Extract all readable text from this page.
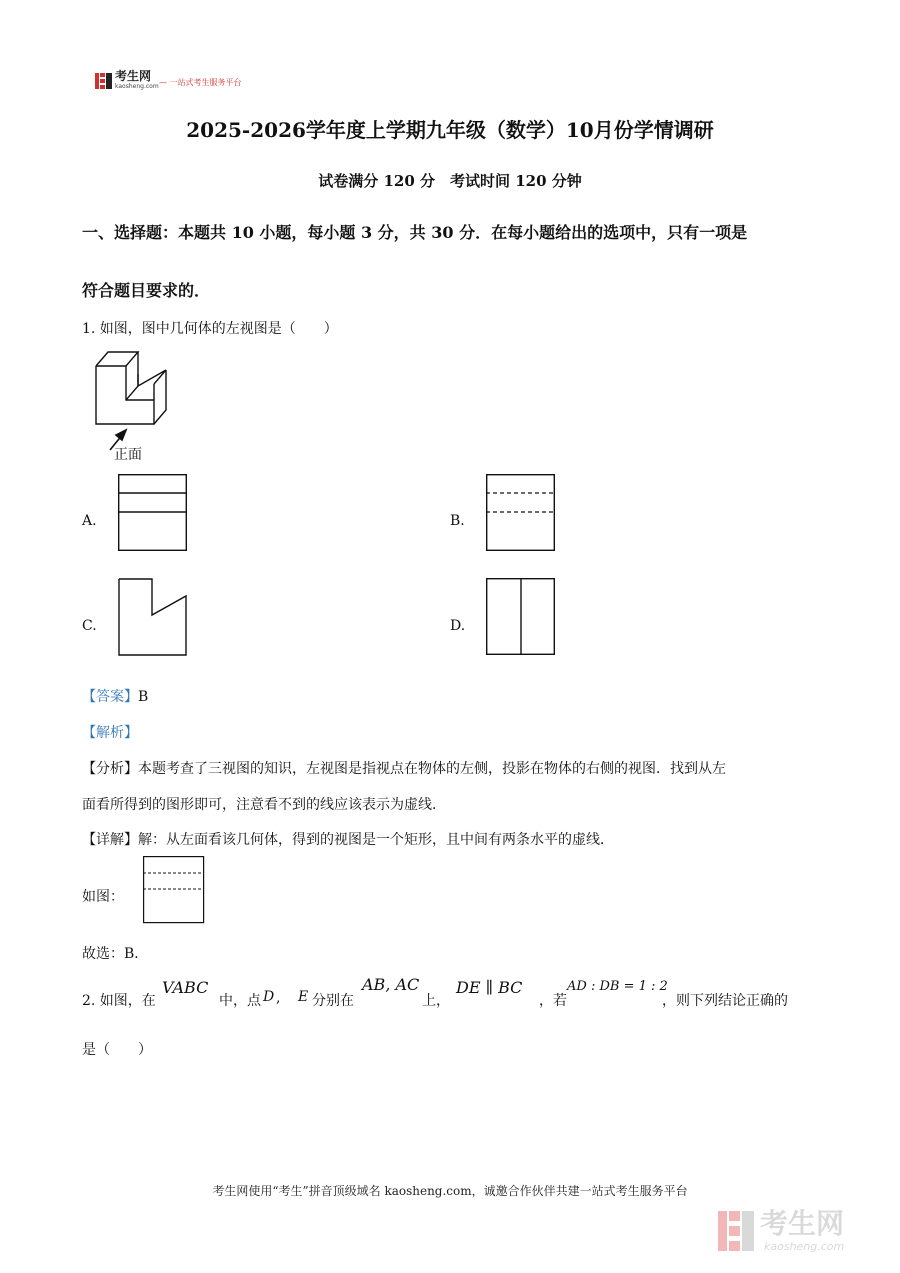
考生网
kaosheng.com — 一站式考生服务平台
2025-2026学年度上学期九年级（数学）10月份学情调研
试卷满分 120 分　考试时间 120 分钟
一、选择题：本题共 10 小题，每小题 3 分，共 30 分．在每小题给出的选项中，只有一项是
符合题目要求的．
1. 如图，图中几何体的左视图是（　　）
正面
A.	B.
C.	D.
【答案】B
【解析】
【分析】本题考查了三视图的知识，左视图是指视点在物体的左侧，投影在物体的右侧的视图．找到从左
面看所得到的图形即可，注意看不到的线应该表示为虚线．
【详解】解：从左面看该几何体，得到的视图是一个矩形，且中间有两条水平的虚线．
如图：
故选：B．
2. 如图，在
VABC
中，点 D , E 分别在
AB, AC
上，
DE ∥ BC
，若
AD : DB = 1 : 2
，则下列结论正确的
是（　　）
考生网使用“考生”拼音顶级域名 kaosheng.com，诚邀合作伙伴共建一站式考生服务平台
考生网
kaosheng.com
